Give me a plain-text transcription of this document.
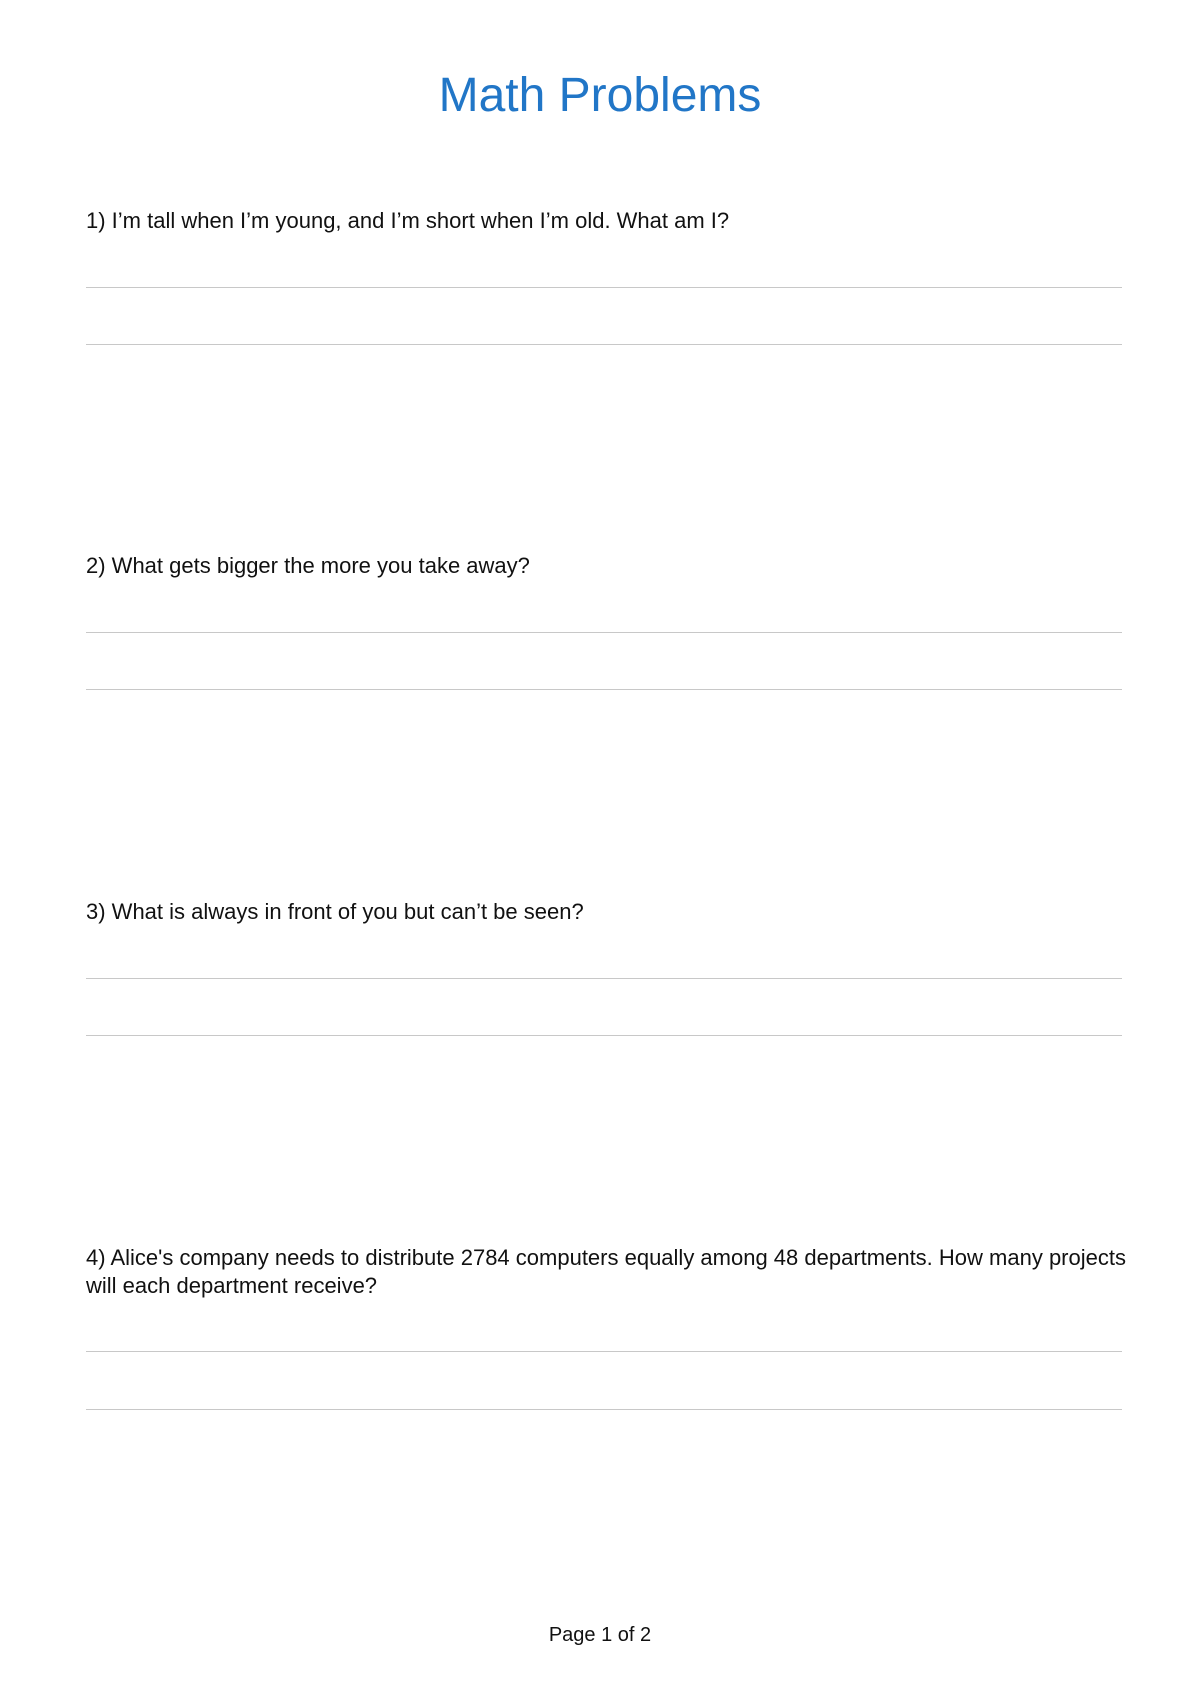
Math Problems

1) I’m tall when I’m young, and I’m short when I’m old. What am I?

2) What gets bigger the more you take away?

3) What is always in front of you but can’t be seen?

4) Alice's company needs to distribute 2784 computers equally among 48 departments. How many projects will each department receive?

Page 1 of 2
